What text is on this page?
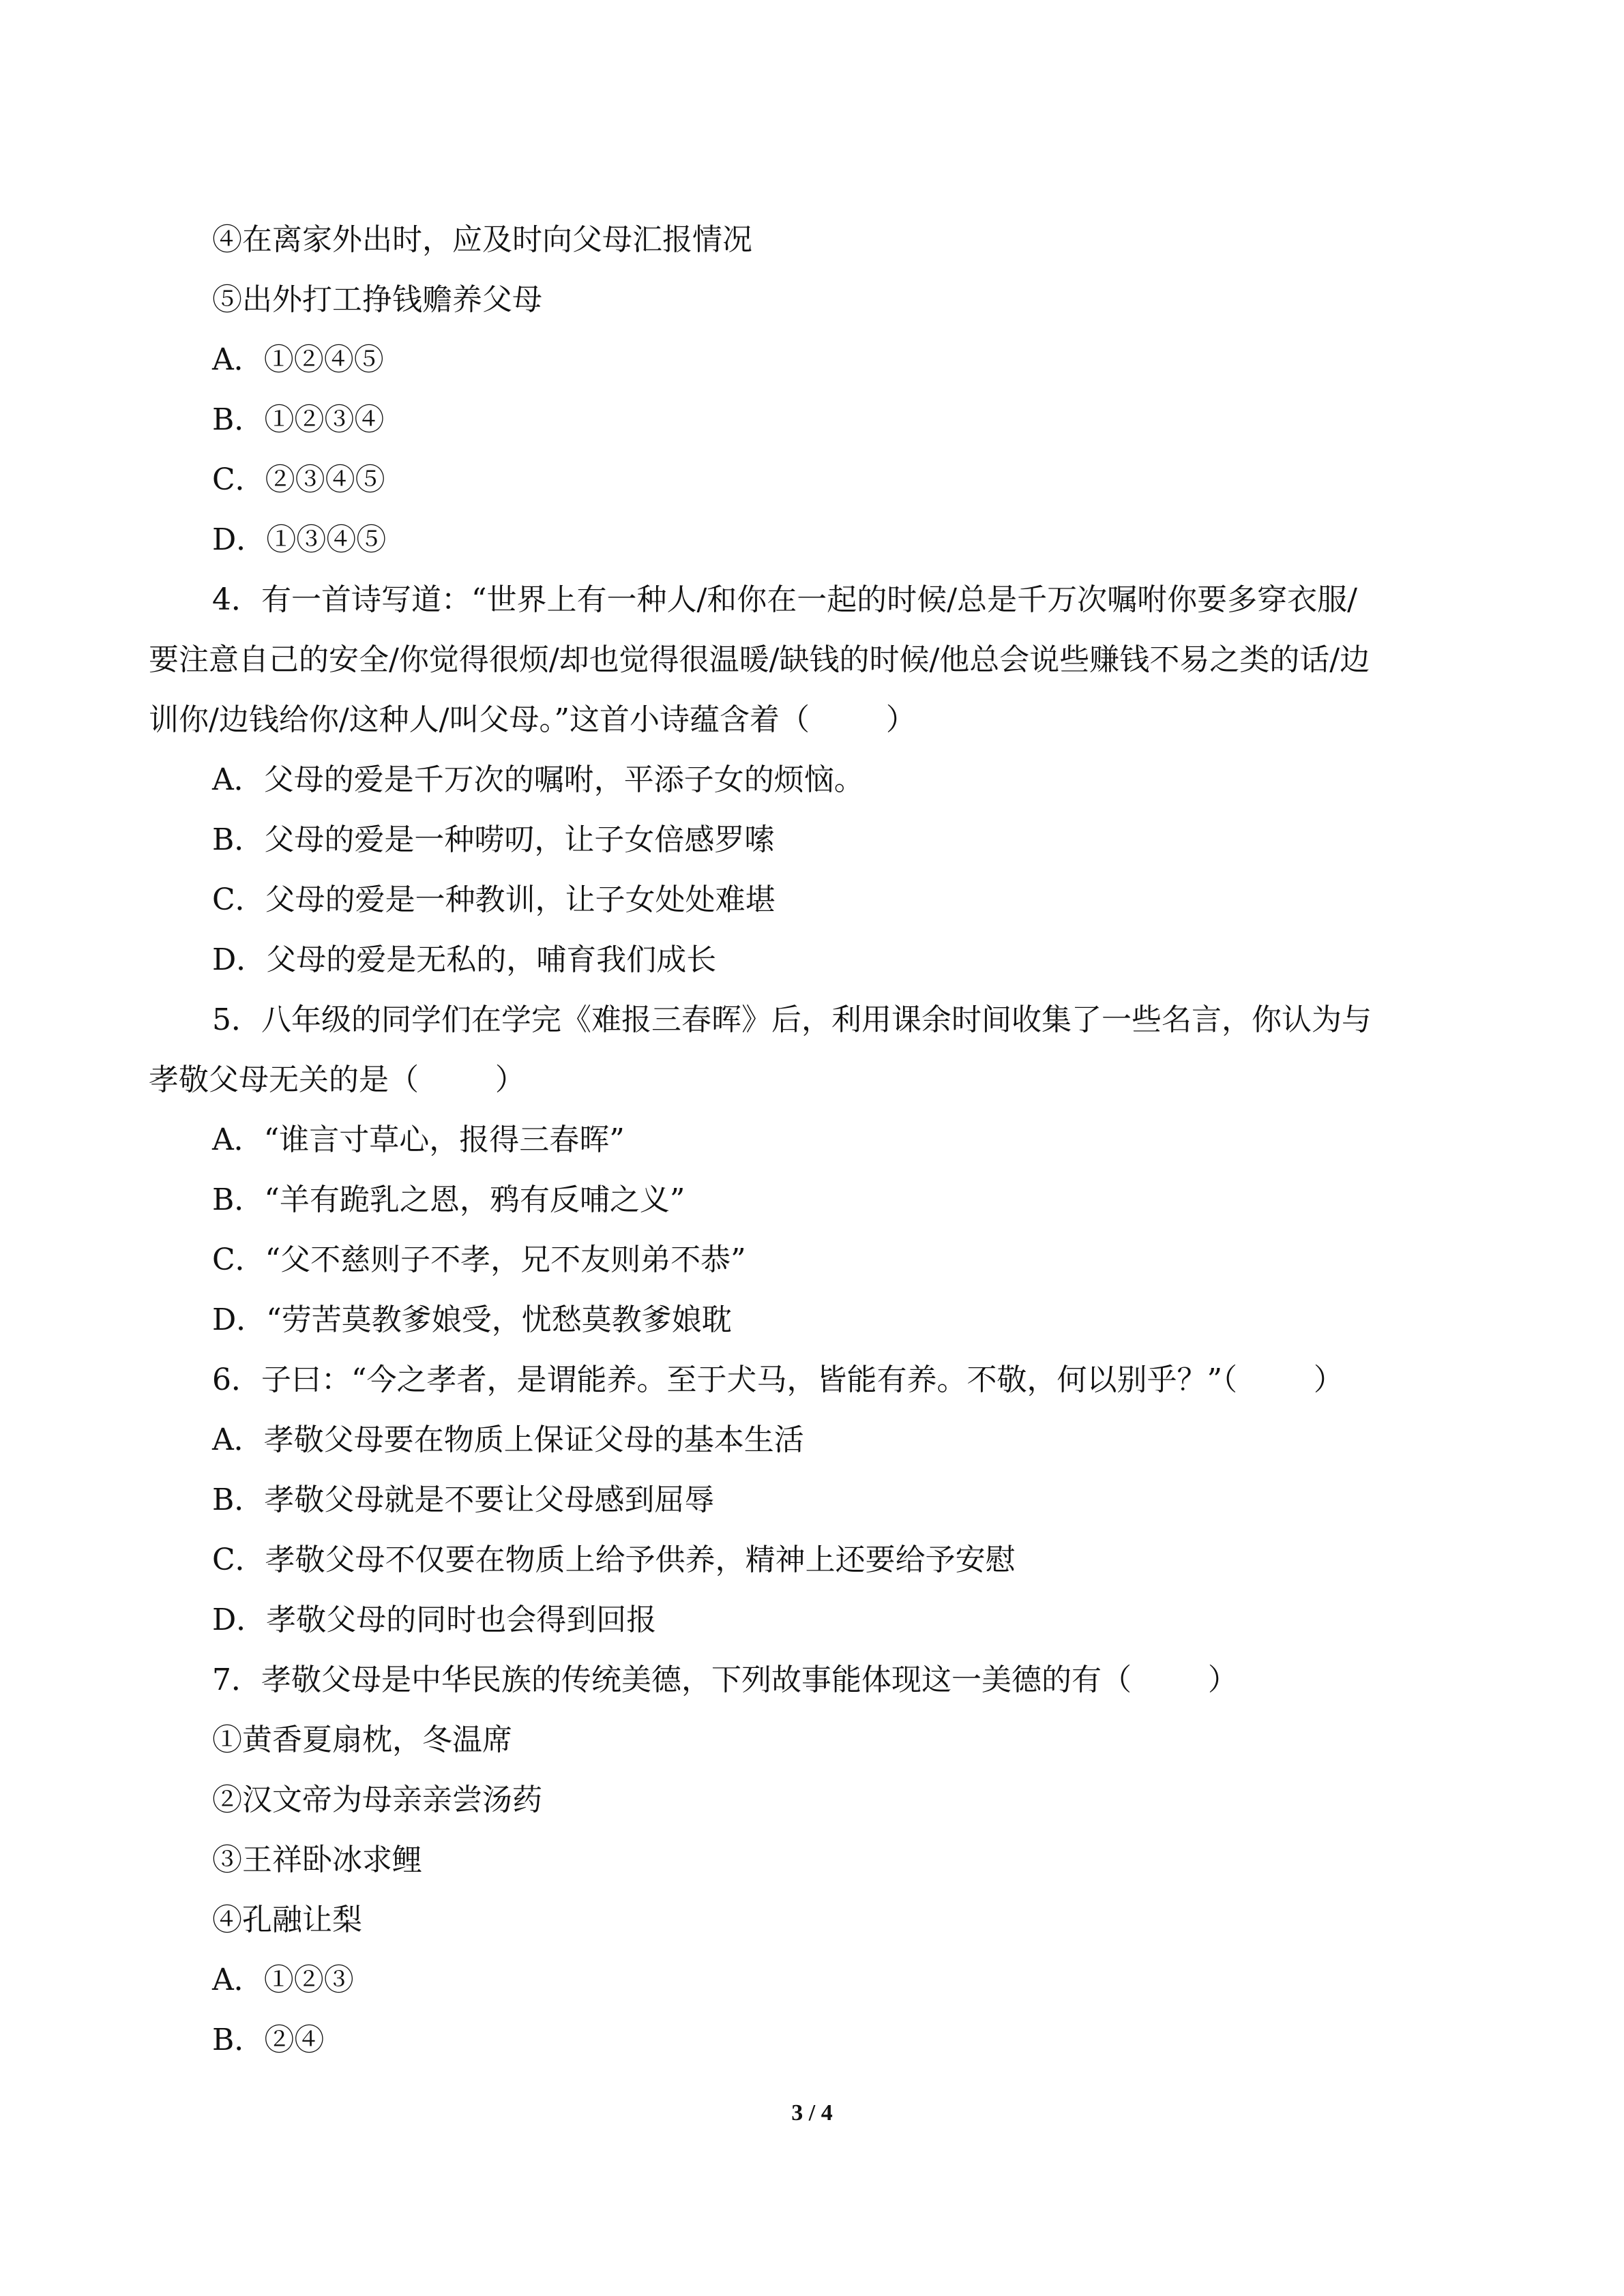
④在离家外出时，应及时向父母汇报情况
⑤出外打工挣钱赡养父母
A．①②④⑤
B．①②③④
C．②③④⑤
D．①③④⑤
4．有一首诗写道：“世界上有一种人/和你在一起的时候/总是千万次嘱咐你要多穿衣服/
要注意自己的安全/你觉得很烦/却也觉得很温暖/缺钱的时候/他总会说些赚钱不易之类的话/边
训你/边钱给你/这种人/叫父母。”这首小诗蕴含着（        ）
A．父母的爱是千万次的嘱咐，平添子女的烦恼。
B．父母的爱是一种唠叨，让子女倍感罗嗦
C．父母的爱是一种教训，让子女处处难堪
D．父母的爱是无私的，哺育我们成长
5．八年级的同学们在学完《难报三春晖》后，利用课余时间收集了一些名言，你认为与
孝敬父母无关的是（        ）
A．“谁言寸草心，报得三春晖”
B．“羊有跪乳之恩，鸦有反哺之义”
C．“父不慈则子不孝，兄不友则弟不恭”
D．“劳苦莫教爹娘受，忧愁莫教爹娘耽
6．子曰：“今之孝者，是谓能养。至于犬马，皆能有养。不敬，何以别乎？”（        ）
A．孝敬父母要在物质上保证父母的基本生活
B．孝敬父母就是不要让父母感到屈辱
C．孝敬父母不仅要在物质上给予供养，精神上还要给予安慰
D．孝敬父母的同时也会得到回报
7．孝敬父母是中华民族的传统美德，下列故事能体现这一美德的有（        ）
①黄香夏扇枕，冬温席
②汉文帝为母亲亲尝汤药
③王祥卧冰求鲤
④孔融让梨
A．①②③
B．②④
3 / 4
